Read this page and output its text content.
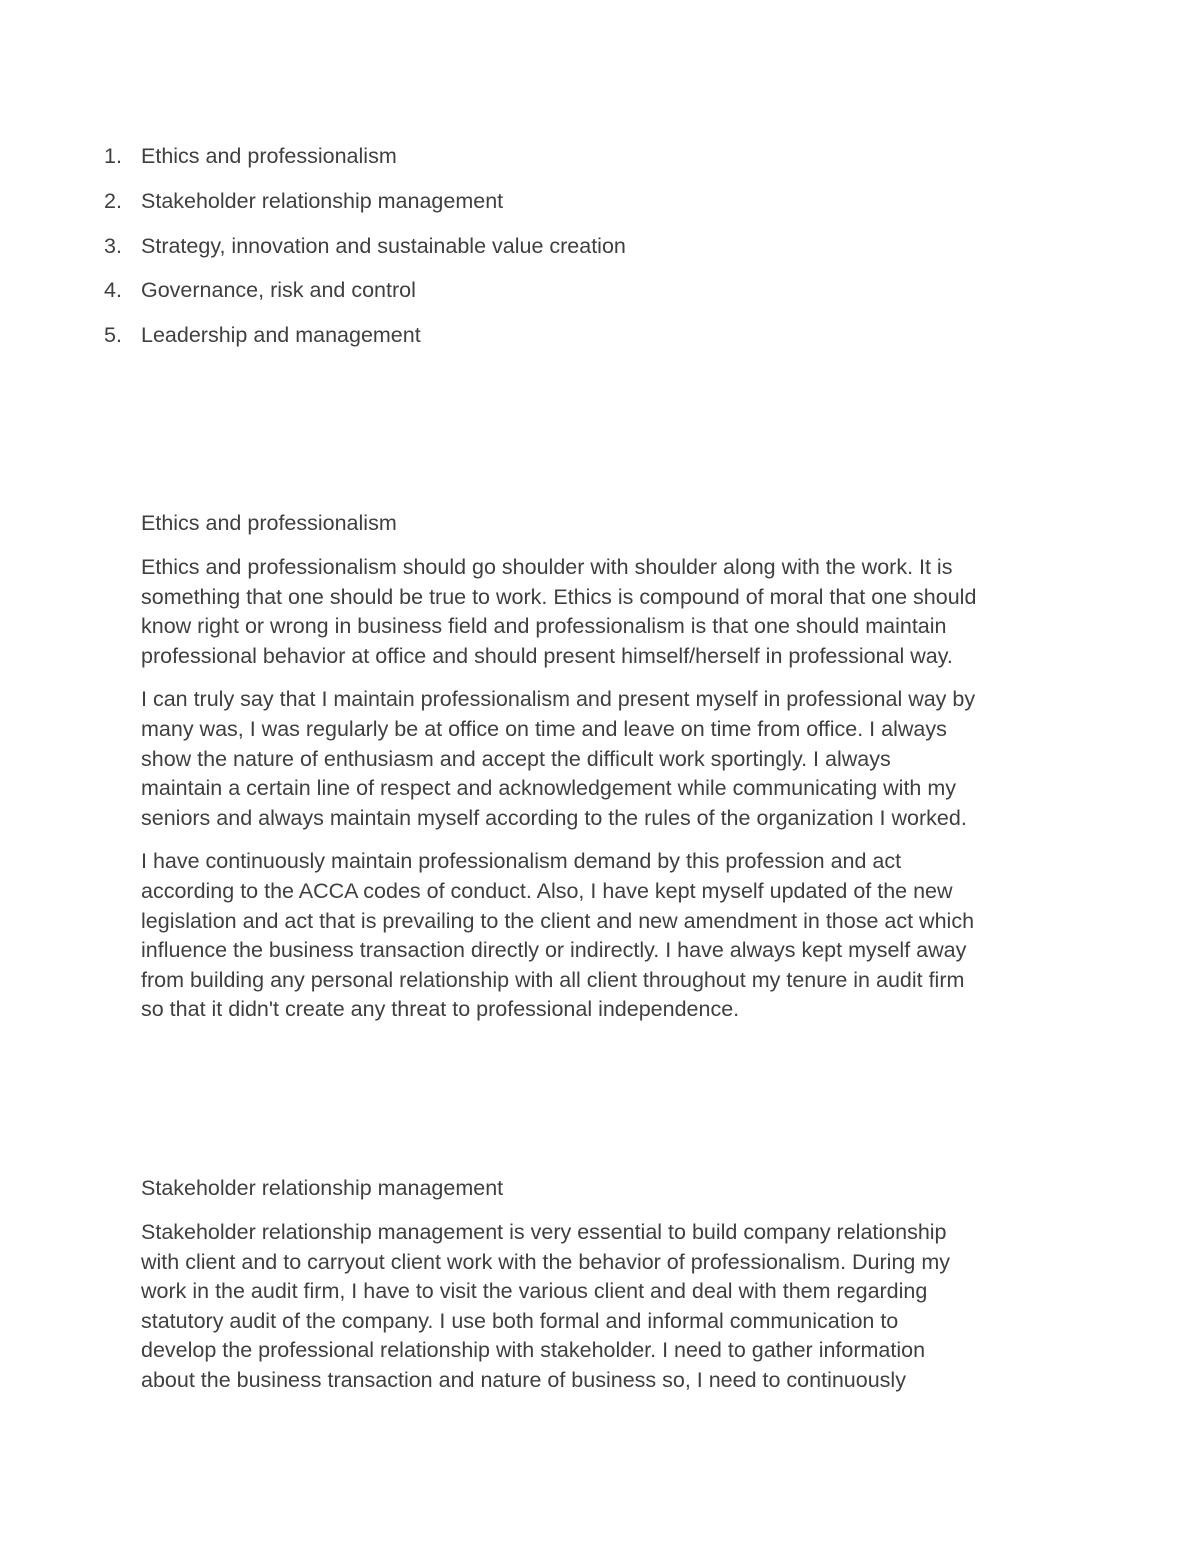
1. Ethics and professionalism
2. Stakeholder relationship management
3. Strategy, innovation and sustainable value creation
4. Governance, risk and control
5. Leadership and management
Ethics and professionalism

Ethics and professionalism should go shoulder with shoulder along with the work. It is
something that one should be true to work. Ethics is compound of moral that one should
know right or wrong in business field and professionalism is that one should maintain
professional behavior at office and should present himself/herself in professional way.

I can truly say that I maintain professionalism and present myself in professional way by
many was, I was regularly be at office on time and leave on time from office. I always
show the nature of enthusiasm and accept the difficult work sportingly. I always
maintain a certain line of respect and acknowledgement while communicating with my
seniors and always maintain myself according to the rules of the organization I worked.

I have continuously maintain professionalism demand by this profession and act
according to the ACCA codes of conduct. Also, I have kept myself updated of the new
legislation and act that is prevailing to the client and new amendment in those act which
influence the business transaction directly or indirectly. I have always kept myself away
from building any personal relationship with all client throughout my tenure in audit firm
so that it didn't create any threat to professional independence.

Stakeholder relationship management

Stakeholder relationship management is very essential to build company relationship
with client and to carryout client work with the behavior of professionalism. During my
work in the audit firm, I have to visit the various client and deal with them regarding
statutory audit of the company. I use both formal and informal communication to
develop the professional relationship with stakeholder. I need to gather information
about the business transaction and nature of business so, I need to continuously
